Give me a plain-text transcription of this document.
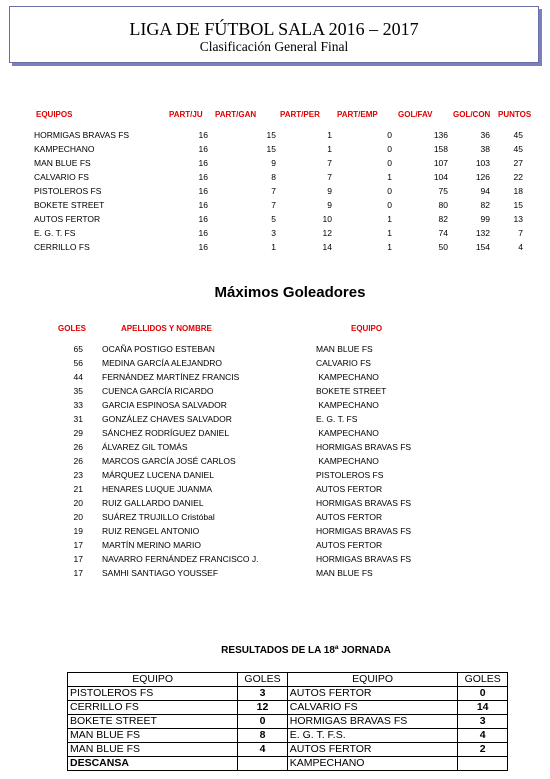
LIGA DE FÚTBOL SALA 2016 – 2017
Clasificación General Final
EQUIPOS	PART/JU PART/GAN	PART/PER PART/EMP	GOL/FAV	GOL/CON PUNTOS
HORMIGAS BRAVAS FS	16	15	1	0	136	36	45
KAMPECHANO	16	15	1	0	158	38	45
MAN BLUE FS	16	9	7	0	107	103	27
CALVARIO FS	16	8	7	1	104	126	22
PISTOLEROS FS	16	7	9	0	75	94	18
BOKETE STREET	16	7	9	0	80	82	15
AUTOS FERTOR	16	5	10	1	82	99	13
E. G. T. FS	16	3	12	1	74	132	7
CERRILLO FS	16	1	14	1	50	154	4
Máximos Goleadores
GOLES	APELLIDOS Y NOMBRE	EQUIPO
65 OCAÑA POSTIGO ESTEBAN	MAN BLUE FS
56 MEDINA GARCÍA ALEJANDRO	CALVARIO FS
44 FERNÁNDEZ MARTÍNEZ FRANCIS	KAMPECHANO
35 CUENCA GARCÍA RICARDO	BOKETE STREET
33 GARCIA ESPINOSA SALVADOR	KAMPECHANO
31 GONZÁLEZ CHAVES SALVADOR	E. G. T. FS
29 SÁNCHEZ RODRÍGUEZ DANIEL	KAMPECHANO
26 ÁLVAREZ GIL TOMÁS	HORMIGAS BRAVAS FS
26 MARCOS GARCÍA JOSÉ CARLOS	KAMPECHANO
23 MÁRQUEZ LUCENA DANIEL	PISTOLEROS FS
21 HENARES LUQUE JUANMA	AUTOS FERTOR
20 RUIZ GALLARDO DANIEL	HORMIGAS BRAVAS FS
20 SUÁREZ TRUJILLO Cristóbal	AUTOS FERTOR
19 RUIZ RENGEL ANTONIO	HORMIGAS BRAVAS FS
17 MARTÍN MERINO MARIO	AUTOS FERTOR
17 NAVARRO FERNÁNDEZ FRANCISCO J.	HORMIGAS BRAVAS FS
17 SAMHI SANTIAGO YOUSSEF	MAN BLUE FS
RESULTADOS DE LA 18ª JORNADA
EQUIPO	GOLES	EQUIPO	GOLES
PISTOLEROS FS	3	AUTOS FERTOR	0
CERRILLO FS	12	CALVARIO FS	14
BOKETE STREET	0	HORMIGAS BRAVAS FS	3
MAN BLUE FS	8	E. G. T. F.S.	4
MAN BLUE FS	4	AUTOS FERTOR	2
DESCANSA		KAMPECHANO	
